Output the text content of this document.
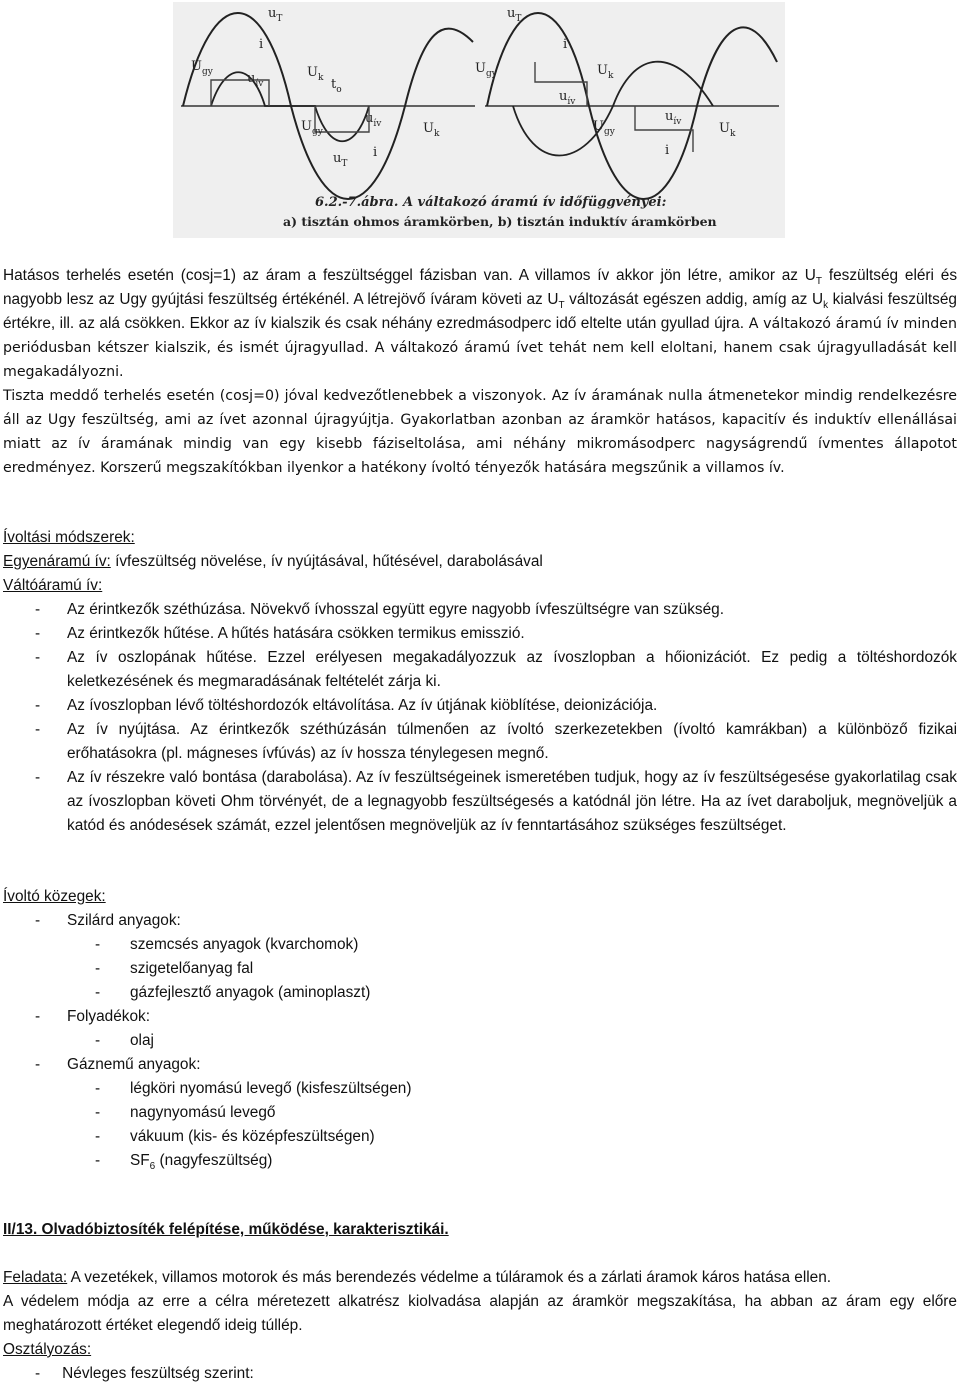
$u_T$
i
$U_{gy}$	$U_k$
$u_{ív}$	$t_o$
$U_{gy}$
$u_{ív}$	$U_k$
i
$u_T$
$u_T$
i
$U_{gy}$	$U_k$
$u_{ív}$
$U_{gy}$
$u_{ív}$	$U_k$
i
6.2.-7.ábra. A váltakozó áramú ív időfüggvényei:
a) tisztán ohmos áramkörben, b) tisztán induktív áramkörben

Hatásos terhelés esetén (cosj=1) az áram a feszültséggel fázisban van. A villamos ív akkor jön létre, amikor az $U_T$ feszültség eléri és nagyobb lesz az Ugy gyújtási feszültség értékénél. A létrejövő íváram követi az $U_T$ változását egészen addig, amíg az $U_k$ kialvási feszültség értékre, ill. az alá csökken. Ekkor az ív kialszik és csak néhány ezredmásodperc idő eltelte után gyullad újra. A váltakozó áramú ív minden periódusban kétszer kialszik, és ismét újragyullad. A váltakozó áramú ívet tehát nem kell eloltani, hanem csak újragyulladását kell megakadályozni.

Tiszta meddő terhelés esetén (cosj=0) jóval kedvezőtlenebbek a viszonyok. Az ív áramának nulla átmenetekor mindig rendelkezésre áll az Ugy feszültség, ami az ívet azonnal újragyújtja. Gyakorlatban azonban az áramkör hatásos, kapacitív és induktív ellenállásai miatt az ív áramának mindig van egy kisebb fáziseltolása, ami néhány mikromásodperc nagyságrendű ívmentes állapotot eredményez. Korszerű megszakítókban ilyenkor a hatékony ívoltó tényezők hatására megszűnik a villamos ív.

Ívoltási módszerek:
Egyenáramú ív: ívfeszültség növelése, ív nyújtásával, hűtésével, darabolásával
Váltóáramú ív:
- Az érintkezők széthúzása. Növekvő ívhosszal együtt egyre nagyobb ívfeszültségre van szükség.
- Az érintkezők hűtése. A hűtés hatására csökken termikus emisszió.
- Az ív oszlopának hűtése. Ezzel erélyesen megakadályozzuk az ívoszlopban a hőionizációt. Ez pedig a töltéshordozók keletkezésének és megmaradásának feltételét zárja ki.
- Az ívoszlopban lévő töltéshordozók eltávolítása. Az ív útjának kiöblítése, deionizációja.
- Az ív nyújtása. Az érintkezők széthúzásán túlmenően az ívoltó szerkezetekben (ívoltó kamrákban) a különböző fizikai erőhatásokra (pl. mágneses ívfúvás) az ív hossza ténylegesen megnő.
- Az ív részekre való bontása (darabolása). Az ív feszültségeinek ismeretében tudjuk, hogy az ív feszültségesése gyakorlatilag csak az ívoszlopban követi Ohm törvényét, de a legnagyobb feszültségesés a katódnál jön létre. Ha az ívet daraboljuk, megnöveljük a katód és anódesések számát, ezzel jelentősen megnöveljük az ív fenntartásához szükséges feszültséget.
Ívoltó közegek:
- Szilárd anyagok:
- szemcsés anyagok (kvarchomok)
- szigetelőanyag fal
- gázfejlesztő anyagok (aminoplaszt)
- Folyadékok:
- olaj
- Gáznemű anyagok:
- légköri nyomású levegő (kisfeszültségen)
- nagynyomású levegő
- vákuum (kis- és középfeszültségen)
- $SF_6$ (nagyfeszültség)
II/13. Olvadóbiztosíték felépítése, működése, karakterisztikái.
Feladata: A vezetékek, villamos motorok és más berendezés védelme a túláramok és a zárlati áramok káros hatása ellen.

A védelem módja az erre a célra méretezett alkatrész kiolvadása alapján az áramkör megszakítása, ha abban az áram egy előre meghatározott értéket elegendő ideig túllép.

Osztályozás:
- Névleges feszültség szerint:
